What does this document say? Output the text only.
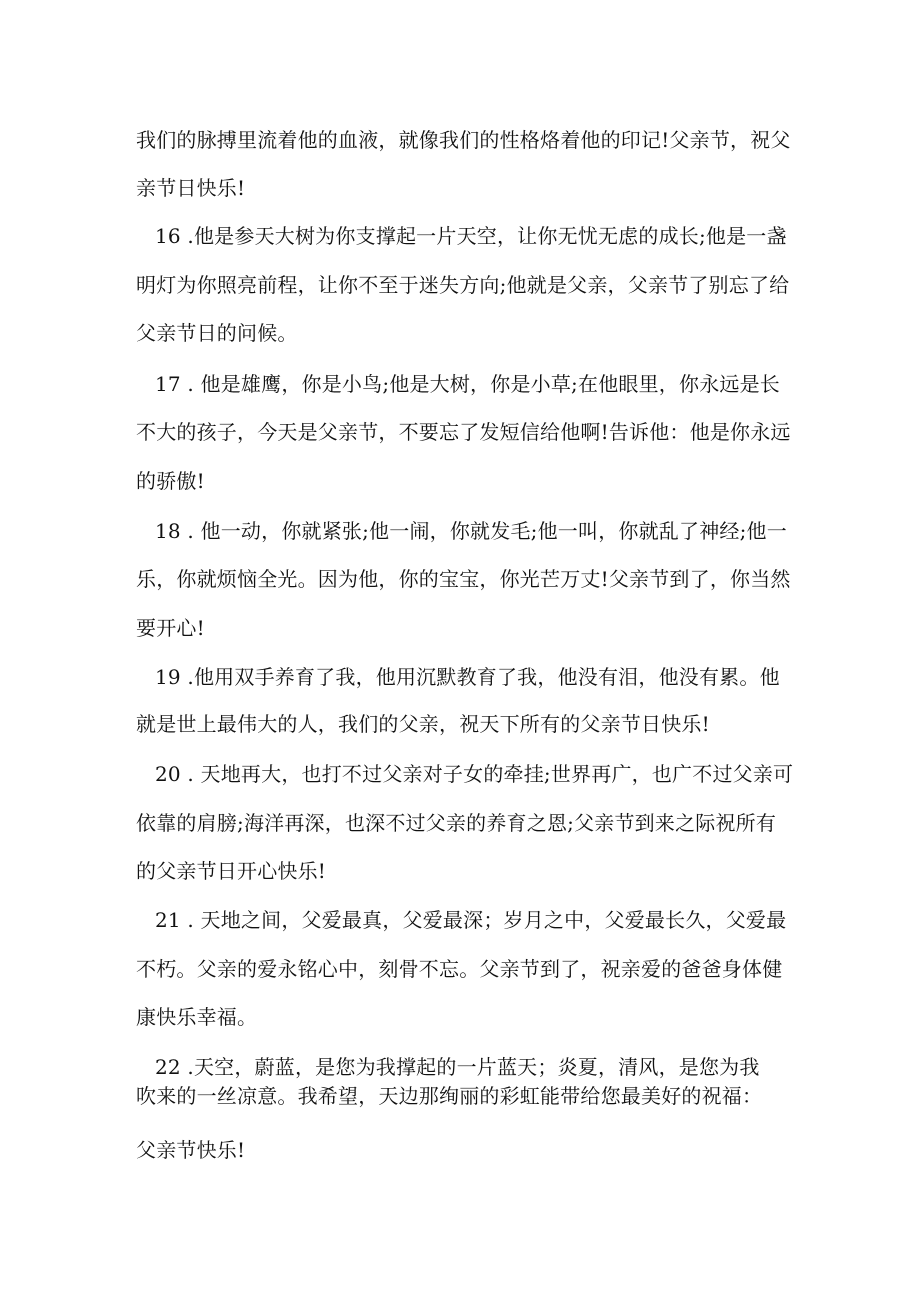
我们的脉搏里流着他的血液，就像我们的性格烙着他的印记!父亲节，祝父
亲节日快乐!
16 .他是参天大树为你支撑起一片天空，让你无忧无虑的成长;他是一盏
明灯为你照亮前程，让你不至于迷失方向;他就是父亲，父亲节了别忘了给
父亲节日的问候。
17 . 他是雄鹰，你是小鸟;他是大树，你是小草;在他眼里，你永远是长
不大的孩子，今天是父亲节，不要忘了发短信给他啊!告诉他：他是你永远
的骄傲!
18 . 他一动，你就紧张;他一闹，你就发毛;他一叫，你就乱了神经;他一
乐，你就烦恼全光。因为他，你的宝宝，你光芒万丈!父亲节到了，你当然
要开心!
19 .他用双手养育了我，他用沉默教育了我，他没有泪，他没有累。他
就是世上最伟大的人，我们的父亲，祝天下所有的父亲节日快乐!
20 . 天地再大，也打不过父亲对子女的牵挂;世界再广，也广不过父亲可
依靠的肩膀;海洋再深，也深不过父亲的养育之恩;父亲节到来之际祝所有
的父亲节日开心快乐!
21 . 天地之间，父爱最真，父爱最深；岁月之中，父爱最长久，父爱最
不朽。父亲的爱永铭心中，刻骨不忘。父亲节到了，祝亲爱的爸爸身体健
康快乐幸福。
22 .天空，蔚蓝，是您为我撑起的一片蓝天；炎夏，清风，是您为我
吹来的一丝凉意。我希望，天边那绚丽的彩虹能带给您最美好的祝福：
父亲节快乐!
